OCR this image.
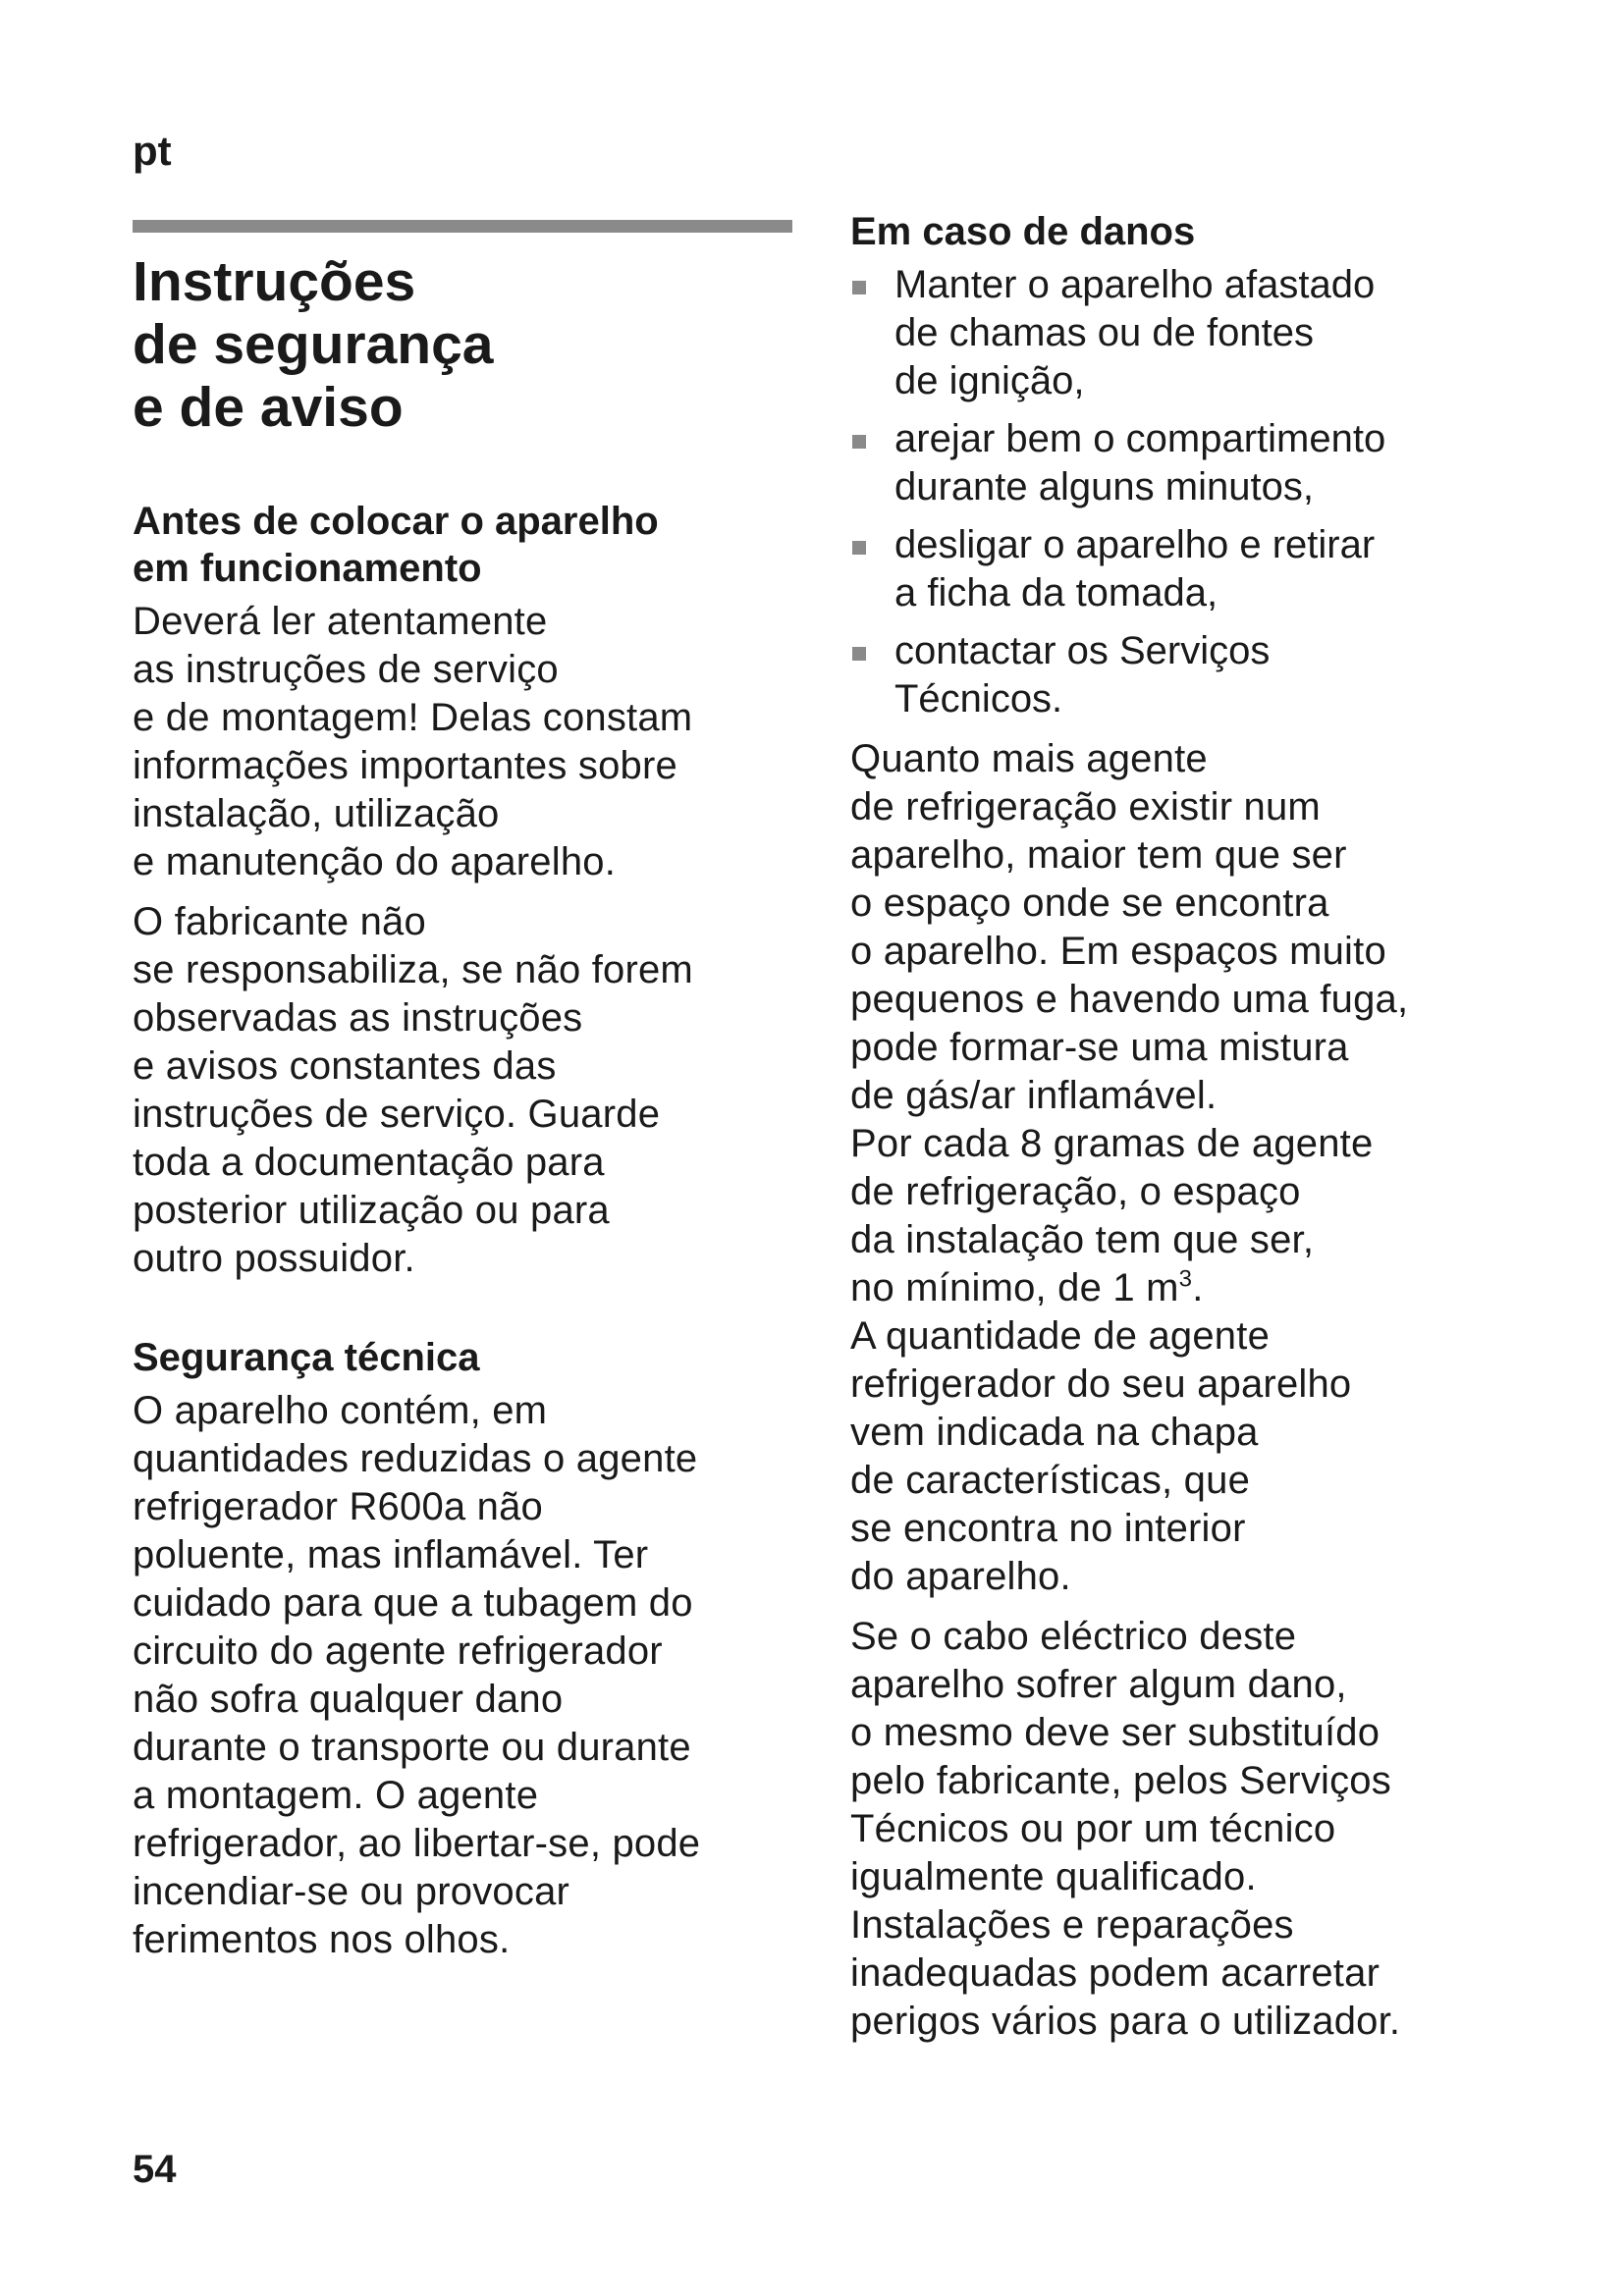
pt
Instruções
de segurança
e de aviso
Antes de colocar o aparelho
em funcionamento

Deverá ler atentamente
as instruções de serviço
e de montagem! Delas constam
informações importantes sobre
instalação, utilização
e manutenção do aparelho.

O fabricante não
se responsabiliza, se não forem
observadas as instruções
e avisos constantes das
instruções de serviço. Guarde
toda a documentação para
posterior utilização ou para
outro possuidor.

Segurança técnica

O aparelho contém, em
quantidades reduzidas o agente
refrigerador R600a não
poluente, mas inflamável. Ter
cuidado para que a tubagem do
circuito do agente refrigerador
não sofra qualquer dano
durante o transporte ou durante
a montagem. O agente
refrigerador, ao libertar-se, pode
incendiar-se ou provocar
ferimentos nos olhos.

Em caso de danos
Manter o aparelho afastado
de chamas ou de fontes
de ignição,
arejar bem o compartimento
durante alguns minutos,
desligar o aparelho e retirar
a ficha da tomada,
contactar os Serviços
Técnicos.

Quanto mais agente
de refrigeração existir num
aparelho, maior tem que ser
o espaço onde se encontra
o aparelho. Em espaços muito
pequenos e havendo uma fuga,
pode formar-se uma mistura
de gás/ar inflamável.
Por cada 8 gramas de agente
de refrigeração, o espaço
da instalação tem que ser,
no mínimo, de 1 $m^3$.
A quantidade de agente
refrigerador do seu aparelho
vem indicada na chapa
de características, que
se encontra no interior
do aparelho.

Se o cabo eléctrico deste
aparelho sofrer algum dano,
o mesmo deve ser substituído
pelo fabricante, pelos Serviços
Técnicos ou por um técnico
igualmente qualificado.
Instalações e reparações
inadequadas podem acarretar
perigos vários para o utilizador.

54
